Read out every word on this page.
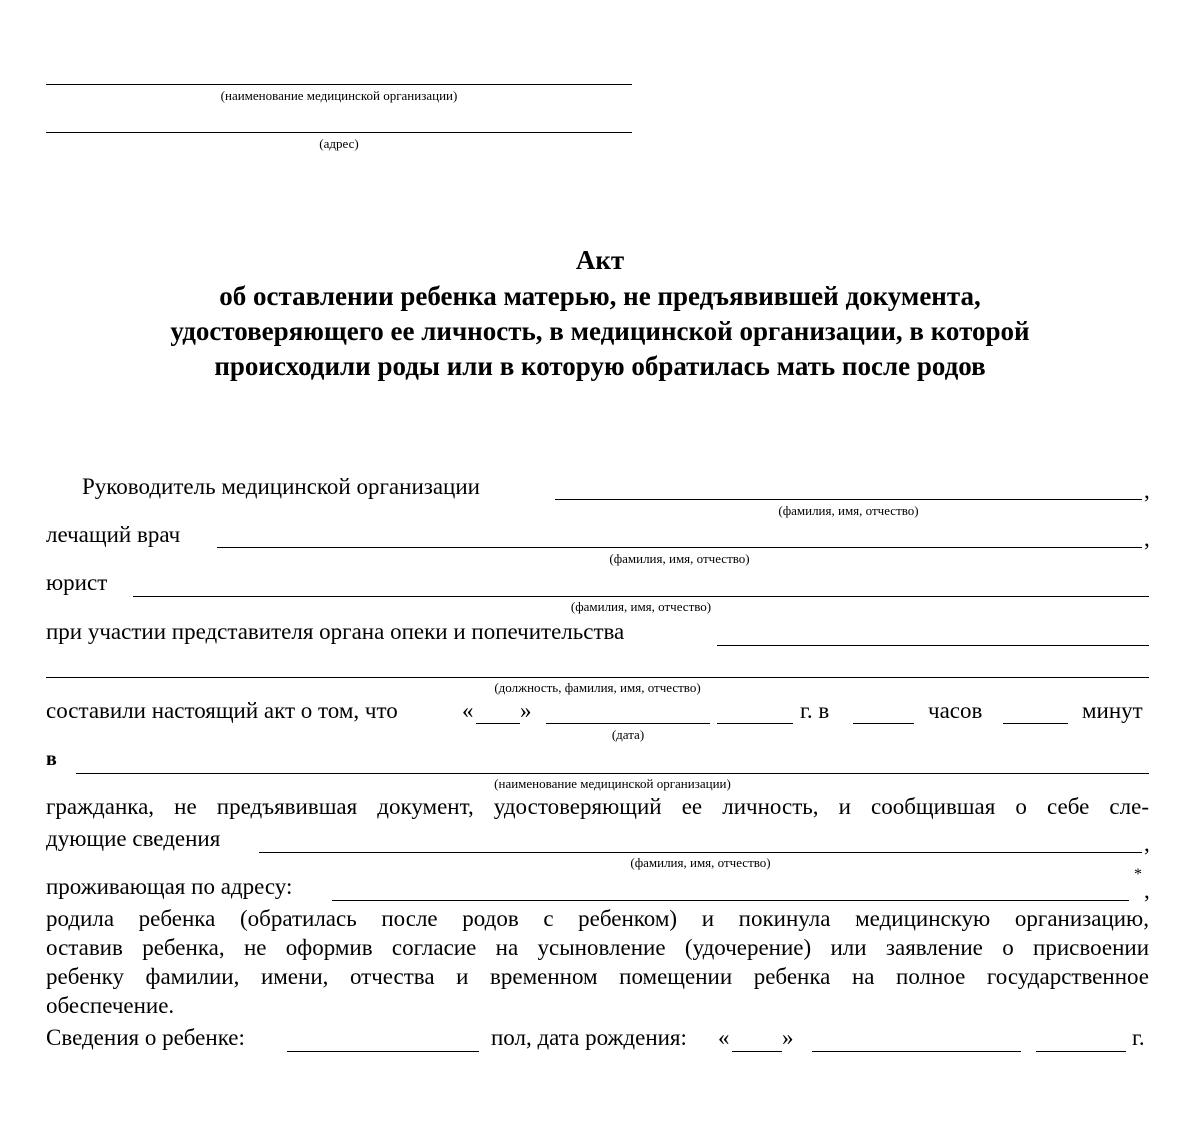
(наименование медицинской организации)
(адрес)
Акт
об оставлении ребенка матерью, не предъявившей документа,
удостоверяющего ее личность, в медицинской организации, в которой
происходили роды или в которую обратилась мать после родов
Руководитель медицинской организации	,
(фамилия, имя, отчество)
лечащий врач	,
(фамилия, имя, отчество)
юрист
(фамилия, имя, отчество)
при участии представителя органа опеки и попечительства
(должность, фамилия, имя, отчество)
составили настоящий акт о том, что	« »	г. в	часов	минут
(дата)
в
(наименование медицинской организации)
гражданка, не предъявившая документ, удостоверяющий ее личность, и сообщившая о себе сле-
дующие сведения	,
(фамилия, имя, отчество)
проживающая по адресу:	*
,
родила ребенка (обратилась после родов с ребенком) и покинула медицинскую организацию,
оставив ребенка, не оформив согласие на усыновление (удочерение) или заявление о присвоении
ребенку фамилии, имени, отчества и временном помещении ребенка на полное государственное
обеспечение.
Сведения о ребенке:	пол, дата рождения: « »	г.
